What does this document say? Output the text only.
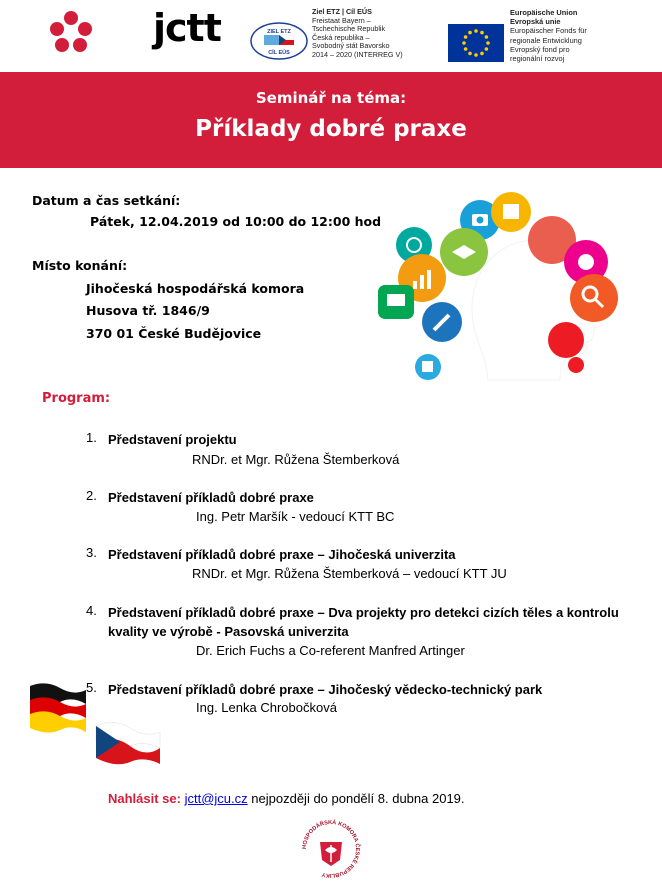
jctt	ZIEL ETZ
CÍL EÚS
Ziel ETZ | Cíl EÚS
Freistaat Bayern –
Tschechische Republik
Česká republika –
Svobodný stát Bavorsko
2014 – 2020 (INTERREG V)
Europäische Union
Evropská unie
Europäischer Fonds für
regionale Entwicklung
Evropský fond pro
regionální rozvoj
Seminář na téma:
Příklady dobré praxe
Datum a čas setkání:
Pátek, 12.04.2019 od 10:00 do 12:00 hod
Místo konání:
Jihočeská hospodářská komora
Husova tř. 1846/9
370 01 České Budějovice
Program:
1. Představení projektu
RNDr. et Mgr. Růžena Štemberková
2. Představení příkladů dobré praxe
Ing. Petr Maršík - vedoucí KTT BC
3. Představení příkladů dobré praxe – Jihočeská univerzita
RNDr. et Mgr. Růžena Štemberková – vedoucí KTT JU
4. Představení příkladů dobré praxe – Dva projekty pro detekci cizích těles a kontrolu kvality ve výrobě - Pasovská univerzita
Dr. Erich Fuchs a Co-referent Manfred Artinger
5. Představení příkladů dobré praxe – Jihočeský vědecko-technický park
Ing. Lenka Chrobočková
Nahlásit se: jctt@jcu.cz nejpozději do pondělí 8. dubna 2019.
HOSPODÁŘSKÁ KOMORA ČESKÉ REPUBLIKY
